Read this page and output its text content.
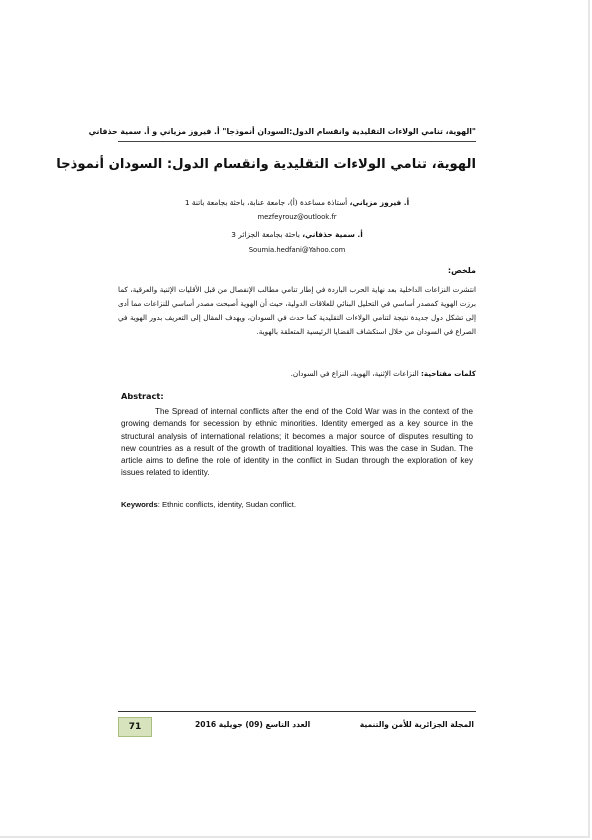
"الهوية، تنامي الولاءات التقليدية وانقسام الدول:السودان أنموذجا" أ. فيروز مزياني و أ. سمية حذفاني
الهوية، تنامي الولاءات التقليدية وانقسام الدول: السودان أنموذجا
أ. فيروز مزياني، أستاذة مساعدة (أ)، جامعة عنابة، باحثة بجامعة باتنة 1
mezfeyrouz@outlook.fr
أ. سمية حذفاني، باحثة بجامعة الجزائر 3
Soumia.hedfani@Yahoo.com
ملخص:
انتشرت النزاعات الداخلية بعد نهاية الحرب الباردة في إطار تنامي مطالب الإنفصال من قبل الأقليات الإثنية والعرقية، كما برزت الهوية كمصدر أساسي في التحليل البنائي للعلاقات الدولية، حيث أن الهوية أصبحت مصدر أساسي للنزاعات مما أدى إلى تشكل دول جديدة نتيجة لتنامي الولاءات التقليدية كما حدث في السودان، ويهدف المقال إلى التعريف بدور الهوية في الصراع في السودان من خلال استكشاف القضايا الرئيسية المتعلقة بالهوية.
كلمات مفتاحية: النزاعات الإثنية، الهوية، النزاع في السودان.
Abstract:
The Spread of internal conflicts after the end of the Cold War was in the context of the growing demands for secession by ethnic minorities. Identity emerged as a key source in the structural analysis of international relations; it becomes a major source of disputes resulting to new countries as a result of the growth of traditional loyalties. This was the case in Sudan. The article aims to define the role of identity in the conflict in Sudan through the exploration of key issues related to identity.
Keywords: Ethnic conflicts, identity, Sudan conflict.
71	العدد التاسع (09) جويلية 2016	المجلة الجزائرية للأمن والتنمية
